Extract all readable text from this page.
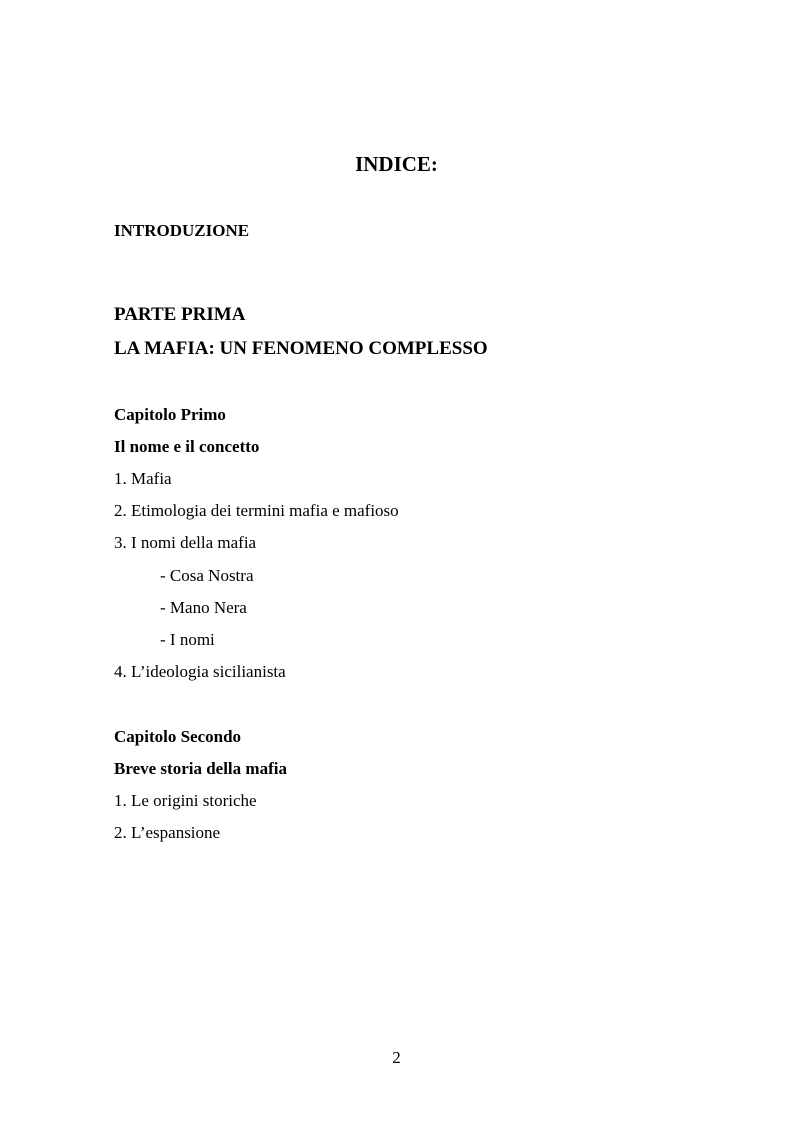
INDICE:
INTRODUZIONE
PARTE PRIMA
LA MAFIA: UN FENOMENO COMPLESSO
Capitolo Primo
Il nome e il concetto
1. Mafia
2. Etimologia dei termini mafia e mafioso
3. I nomi della mafia
- Cosa Nostra
- Mano Nera
- I nomi
4. L’ideologia sicilianista
Capitolo Secondo
Breve storia della mafia
1. Le origini storiche
2. L’espansione
2
